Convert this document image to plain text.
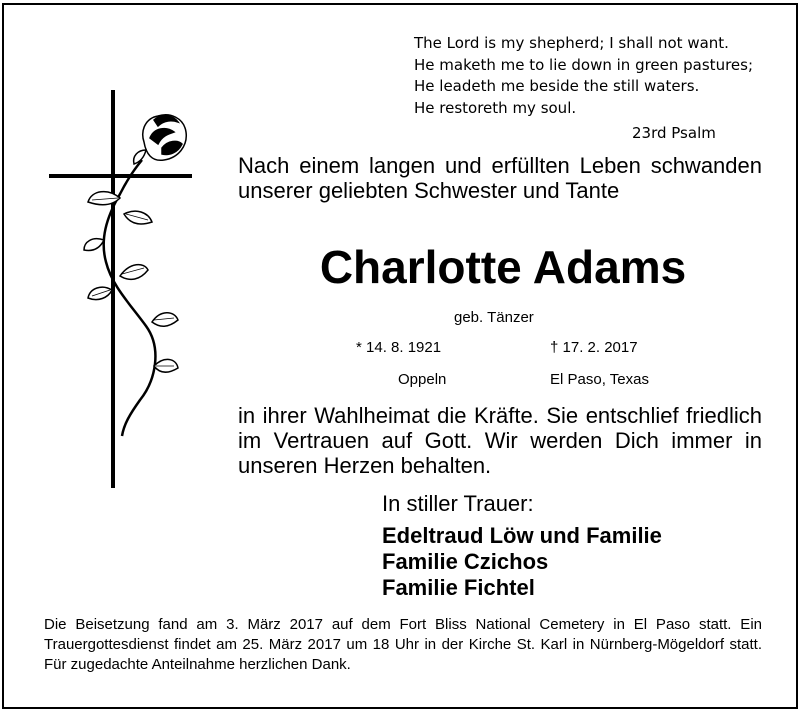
The Lord is my shepherd; I shall not want.
He maketh me to lie down in green pastures;
He leadeth me beside the still waters.
He restoreth my soul.
23rd Psalm
Nach einem langen und erfüllten Leben schwanden unserer geliebten Schwester und Tante
Charlotte Adams
geb. Tänzer
* 14. 8. 1921	† 17. 2. 2017
Oppeln	El Paso, Texas
in ihrer Wahlheimat die Kräfte. Sie entschlief friedlich im Vertrauen auf Gott. Wir werden Dich immer in unseren Herzen behalten.
In stiller Trauer:
Edeltraud Löw und Familie
Familie Czichos
Familie Fichtel
Die Beisetzung fand am 3. März 2017 auf dem Fort Bliss National Cemetery in El Paso statt. Ein Trauergottesdienst findet am 25. März 2017 um 18 Uhr in der Kirche St. Karl in Nürnberg-Mögeldorf statt. Für zugedachte Anteilnahme herzlichen Dank.
